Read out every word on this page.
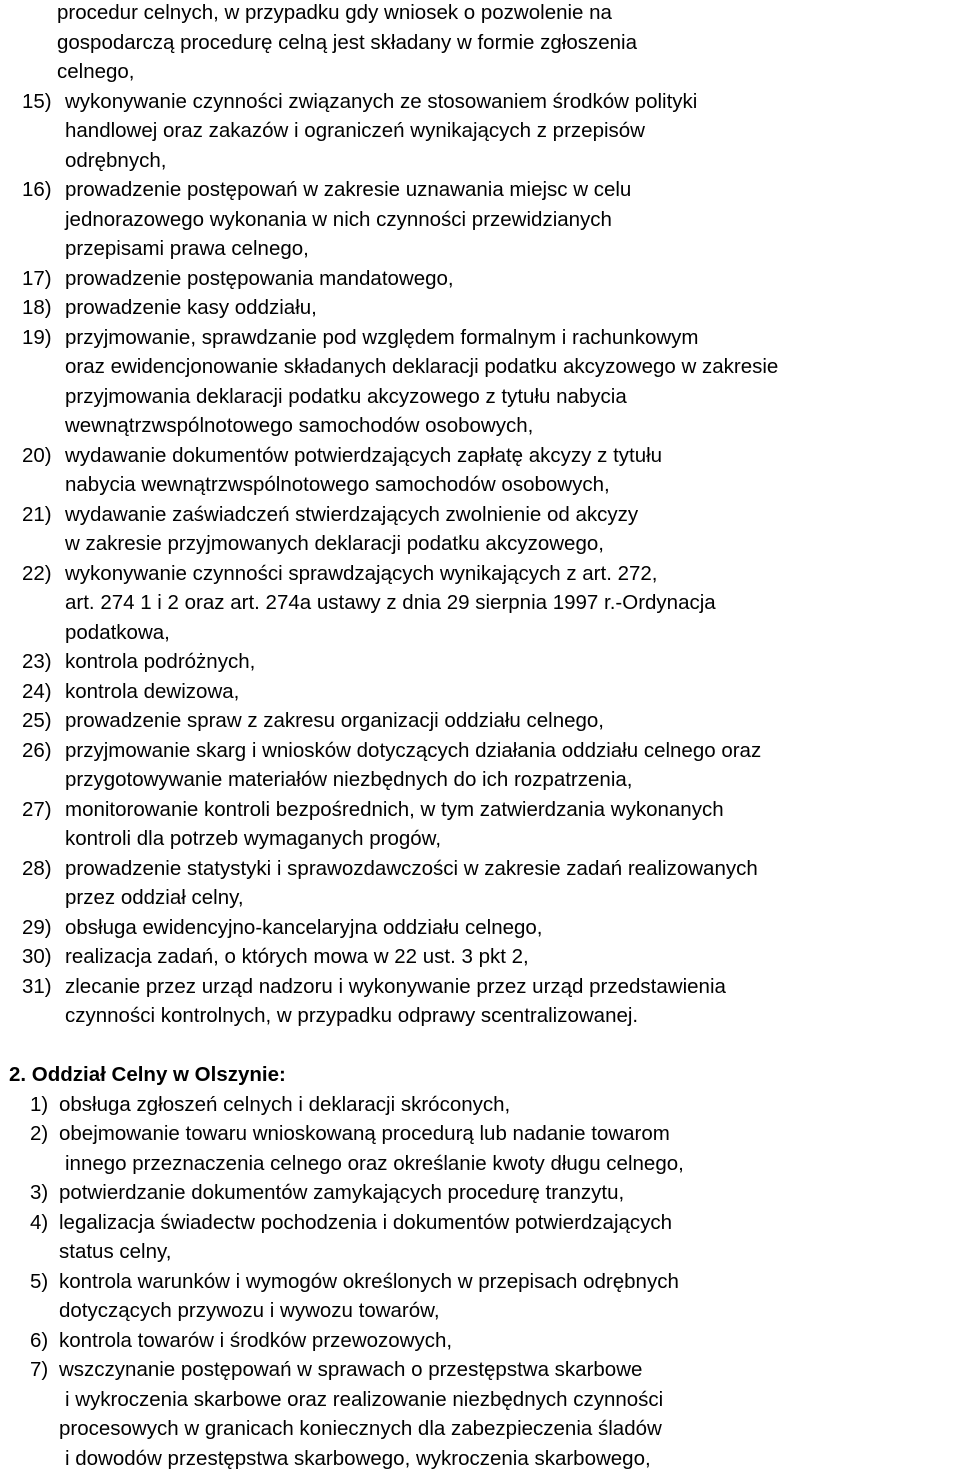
procedur celnych, w przypadku gdy wniosek o pozwolenie na
gospodarczą procedurę celną jest składany w formie zgłoszenia
celnego,
15) wykonywanie czynności związanych ze stosowaniem środków polityki
handlowej oraz zakazów i ograniczeń wynikających z przepisów
odrębnych,
16) prowadzenie postępowań w zakresie uznawania miejsc w celu
jednorazowego wykonania w nich czynności przewidzianych
przepisami prawa celnego,
17) prowadzenie postępowania mandatowego,
18) prowadzenie kasy oddziału,
19) przyjmowanie, sprawdzanie pod względem formalnym i rachunkowym
oraz ewidencjonowanie składanych deklaracji podatku akcyzowego w zakresie
przyjmowania deklaracji podatku akcyzowego z tytułu nabycia
wewnątrzwspólnotowego samochodów osobowych,
20) wydawanie dokumentów potwierdzających zapłatę akcyzy z tytułu
nabycia wewnątrzwspólnotowego samochodów osobowych,
21) wydawanie zaświadczeń stwierdzających zwolnienie od akcyzy
w zakresie przyjmowanych deklaracji podatku akcyzowego,
22) wykonywanie czynności sprawdzających wynikających z art. 272,
art. 274 1 i 2 oraz art. 274a ustawy z dnia 29 sierpnia 1997 r.-Ordynacja
podatkowa,
23) kontrola podróżnych,
24) kontrola dewizowa,
25) prowadzenie spraw z zakresu organizacji oddziału celnego,
26) przyjmowanie skarg i wniosków dotyczących działania oddziału celnego oraz
przygotowywanie materiałów niezbędnych do ich rozpatrzenia,
27) monitorowanie kontroli bezpośrednich, w tym zatwierdzania wykonanych
kontroli dla potrzeb wymaganych progów,
28) prowadzenie statystyki i sprawozdawczości w zakresie zadań realizowanych
przez oddział celny,
29) obsługa ewidencyjno-kancelaryjna oddziału celnego,
30) realizacja zadań, o których mowa w 22 ust. 3 pkt 2,
31) zlecanie przez urząd nadzoru i wykonywanie przez urząd przedstawienia
czynności kontrolnych, w przypadku odprawy scentralizowanej.
2. Oddział Celny w Olszynie:
1) obsługa zgłoszeń celnych i deklaracji skróconych,
2) obejmowanie towaru wnioskowaną procedurą lub nadanie towarom
innego przeznaczenia celnego oraz określanie kwoty długu celnego,
3) potwierdzanie dokumentów zamykających procedurę tranzytu,
4) legalizacja świadectw pochodzenia i dokumentów potwierdzających
status celny,
5) kontrola warunków i wymogów określonych w przepisach odrębnych
dotyczących przywozu i wywozu towarów,
6) kontrola towarów i środków przewozowych,
7) wszczynanie postępowań w sprawach o przestępstwa skarbowe
i wykroczenia skarbowe oraz realizowanie niezbędnych czynności
procesowych w granicach koniecznych dla zabezpieczenia śladów
i dowodów przestępstwa skarbowego, wykroczenia skarbowego,
